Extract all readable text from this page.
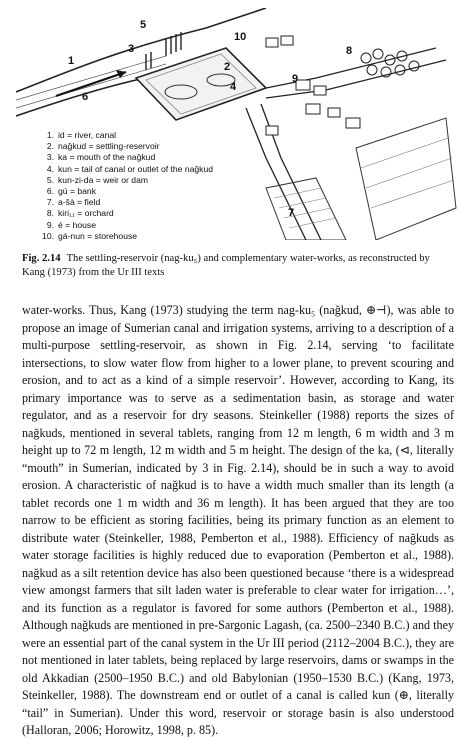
1	2
3
4
5
6
7
8
9
10
1. id = river, canal
2. nağkud = settling-reservoir
3. ka = mouth of the nağkud
4. kun = tail of canal or outlet of the nağkud
5. kun-zi-da = weir or dam
6. gú = bank
7. a-šà = field
8. kiri₁₁ = orchard
9. é = house
10. gá-nun = storehouse
Fig. 2.14 The settling-reservoir (nag-ku₅) and complementary water-works, as reconstructed by Kang (1973) from the Ur III texts

water-works. Thus, Kang (1973) studying the term nag-ku₅ (nağkud, ⊕⊣), was able to propose an image of Sumerian canal and irrigation systems, arriving to a description of a multi-purpose settling-reservoir, as shown in Fig. 2.14, serving ‘to facilitate intersections, to slow water flow from higher to a lower plane, to prevent scouring and erosion, and to act as a kind of a simple reservoir’. However, according to Kang, its primary importance was to serve as a sedimentation basin, as storage and water regulator, and as a reservoir for dry seasons. Steinkeller (1988) reports the sizes of nağkuds, mentioned in several tablets, ranging from 12 m length, 6 m width and 3 m height up to 72 m length, 12 m width and 5 m height. The design of the ka, (⊲, literally “mouth” in Sumerian, indicated by 3 in Fig. 2.14), should be in such a way to avoid erosion. A characteristic of nağkud is to have a width much smaller than its length (a tablet records one 1 m width and 36 m length). It has been argued that they are too narrow to be efficient as storing facilities, being its primary function as an element to distribute water (Steinkeller, 1988, Pemberton et al., 1988). Efficiency of nağkuds as water storage facilities is highly reduced due to evaporation (Pemberton et al., 1988). nağkud as a silt retention device has also been questioned because ‘there is a widespread view amongst farmers that silt laden water is preferable to clear water for irrigation…’, and its function as a regulator is favored for some authors (Pemberton et al., 1988). Although nağkuds are mentioned in pre-Sargonic Lagash, (ca. 2500–2340 B.C.) and they were an essential part of the canal system in the Ur III period (2112–2004 B.C.), they are not mentioned in later tablets, being replaced by large reservoirs, dams or swamps in the old Akkadian (2500–1950 B.C.) and old Babylonian (1950–1530 B.C.) (Kang, 1973, Steinkeller, 1988). The downstream end or outlet of a canal is called kun (⊕, literally “tail” in Sumerian). Under this word, reservoir or storage basin is also understood (Halloran, 2006; Horowitz, 1998, p. 85).
